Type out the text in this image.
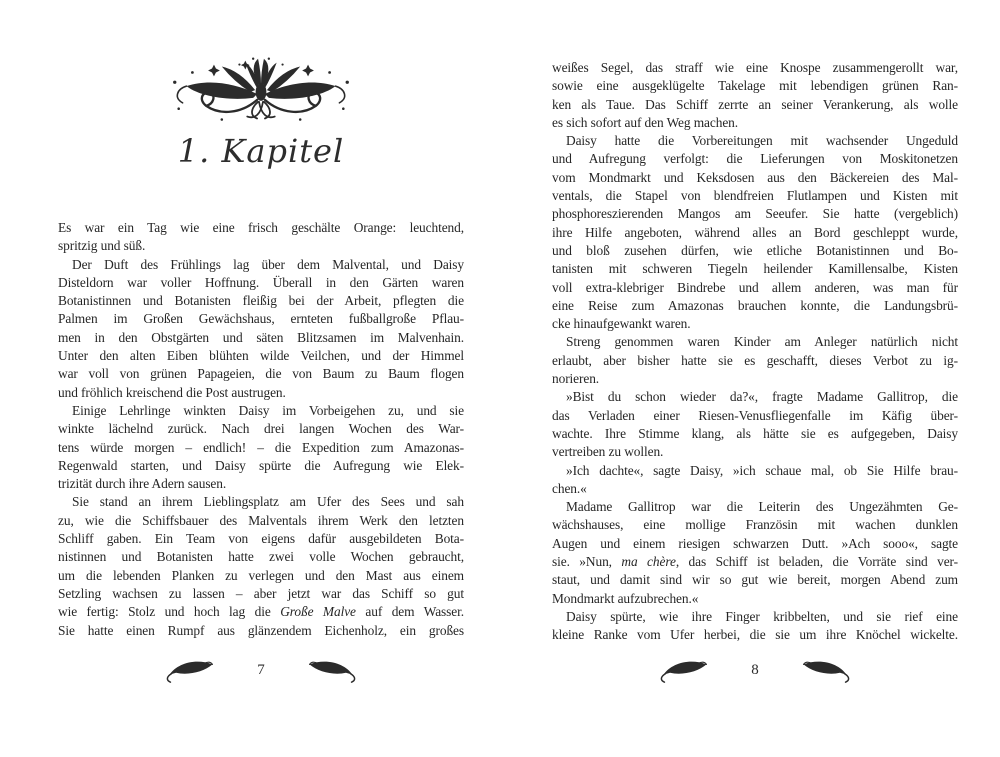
1. Kapitel
Es war ein Tag wie eine frisch geschälte Orange: leuchtend,
spritzig und süß.
Der Duft des Frühlings lag über dem Malvental, und Daisy
Disteldorn war voller Hoffnung. Überall in den Gärten waren
Botanistinnen und Botanisten fleißig bei der Arbeit, pflegten die
Palmen im Großen Gewächshaus, ernteten fußballgroße Pflau-
men in den Obstgärten und säten Blitzsamen im Malvenhain.
Unter den alten Eiben blühten wilde Veilchen, und der Himmel
war voll von grünen Papageien, die von Baum zu Baum flogen
und fröhlich kreischend die Post austrugen.
Einige Lehrlinge winkten Daisy im Vorbeigehen zu, und sie
winkte lächelnd zurück. Nach drei langen Wochen des War-
tens würde morgen – endlich! – die Expedition zum Amazonas-
Regenwald starten, und Daisy spürte die Aufregung wie Elek-
trizität durch ihre Adern sausen.
Sie stand an ihrem Lieblingsplatz am Ufer des Sees und sah
zu, wie die Schiffsbauer des Malventals ihrem Werk den letzten
Schliff gaben. Ein Team von eigens dafür ausgebildeten Bota-
nistinnen und Botanisten hatte zwei volle Wochen gebraucht,
um die lebenden Planken zu verlegen und den Mast aus einem
Setzling wachsen zu lassen – aber jetzt war das Schiff so gut
wie fertig: Stolz und hoch lag die Große Malve auf dem Wasser.
Sie hatte einen Rumpf aus glänzendem Eichenholz, ein großes
7
weißes Segel, das straff wie eine Knospe zusammengerollt war,
sowie eine ausgeklügelte Takelage mit lebendigen grünen Ran-
ken als Taue. Das Schiff zerrte an seiner Verankerung, als wolle
es sich sofort auf den Weg machen.
Daisy hatte die Vorbereitungen mit wachsender Ungeduld
und Aufregung verfolgt: die Lieferungen von Moskitonetzen
vom Mondmarkt und Keksdosen aus den Bäckereien des Mal-
ventals, die Stapel von blendfreien Flutlampen und Kisten mit
phosphoreszierenden Mangos am Seeufer. Sie hatte (vergeblich)
ihre Hilfe angeboten, während alles an Bord geschleppt wurde,
und bloß zusehen dürfen, wie etliche Botanistinnen und Bo-
tanisten mit schweren Tiegeln heilender Kamillensalbe, Kisten
voll extra-klebriger Bindrebe und allem anderen, was man für
eine Reise zum Amazonas brauchen konnte, die Landungsbrü-
cke hinaufgewankt waren.
Streng genommen waren Kinder am Anleger natürlich nicht
erlaubt, aber bisher hatte sie es geschafft, dieses Verbot zu ig-
norieren.
»Bist du schon wieder da?«, fragte Madame Gallitrop, die
das Verladen einer Riesen-Venusfliegenfalle im Käfig über-
wachte. Ihre Stimme klang, als hätte sie es aufgegeben, Daisy
vertreiben zu wollen.
»Ich dachte«, sagte Daisy, »ich schaue mal, ob Sie Hilfe brau-
chen.«
Madame Gallitrop war die Leiterin des Ungezähmten Ge-
wächshauses, eine mollige Französin mit wachen dunklen
Augen und einem riesigen schwarzen Dutt. »Ach sooo«, sagte
sie. »Nun, ma chère, das Schiff ist beladen, die Vorräte sind ver-
staut, und damit sind wir so gut wie bereit, morgen Abend zum
Mondmarkt aufzubrechen.«
Daisy spürte, wie ihre Finger kribbelten, und sie rief eine
kleine Ranke vom Ufer herbei, die sie um ihre Knöchel wickelte.
8
